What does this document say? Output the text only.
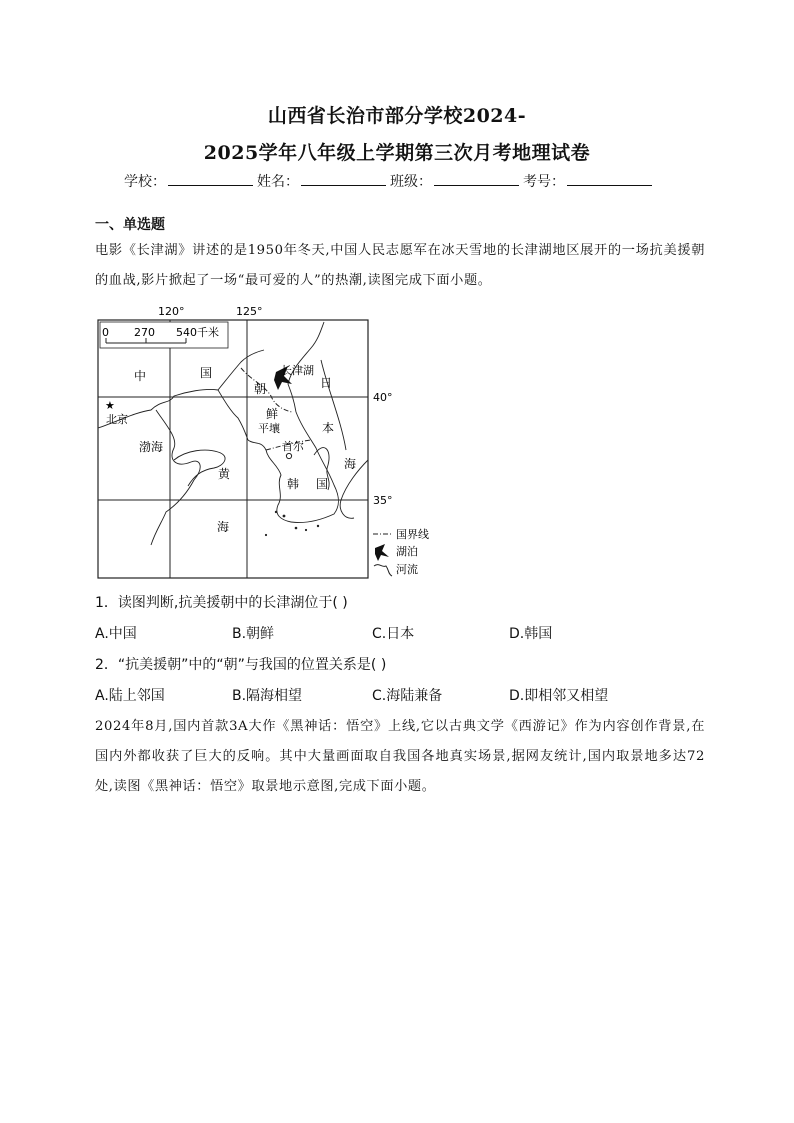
山西省长治市部分学校2024-
2025学年八年级上学期第三次月考地理试卷
学校：	姓名：	班级：	考号：
一、单选题
电影《长津湖》讲述的是1950年冬天,中国人民志愿军在冰天雪地的长津湖地区展开的一场抗美援朝的血战,影片掀起了一场“最可爱的人”的热潮,读图完成下面小题。
0 270 540千米
120°	125°
40°
35°
★
中	国
北京
渤海
黄
海
朝
鲜
平壤
首尔
韩 国
长津湖
日
本
海
国界线
湖泊
河流
1．读图判断,抗美援朝中的长津湖位于( )
A.中国	B.朝鲜	C.日本	D.韩国
2．“抗美援朝”中的“朝”与我国的位置关系是( )
A.陆上邻国	B.隔海相望	C.海陆兼备	D.即相邻又相望
2024年8月,国内首款3A大作《黑神话：悟空》上线,它以古典文学《西游记》作为内容创作背景,在国内外都收获了巨大的反响。其中大量画面取自我国各地真实场景,据网友统计,国内取景地多达72处,读图《黑神话：悟空》取景地示意图,完成下面小题。
